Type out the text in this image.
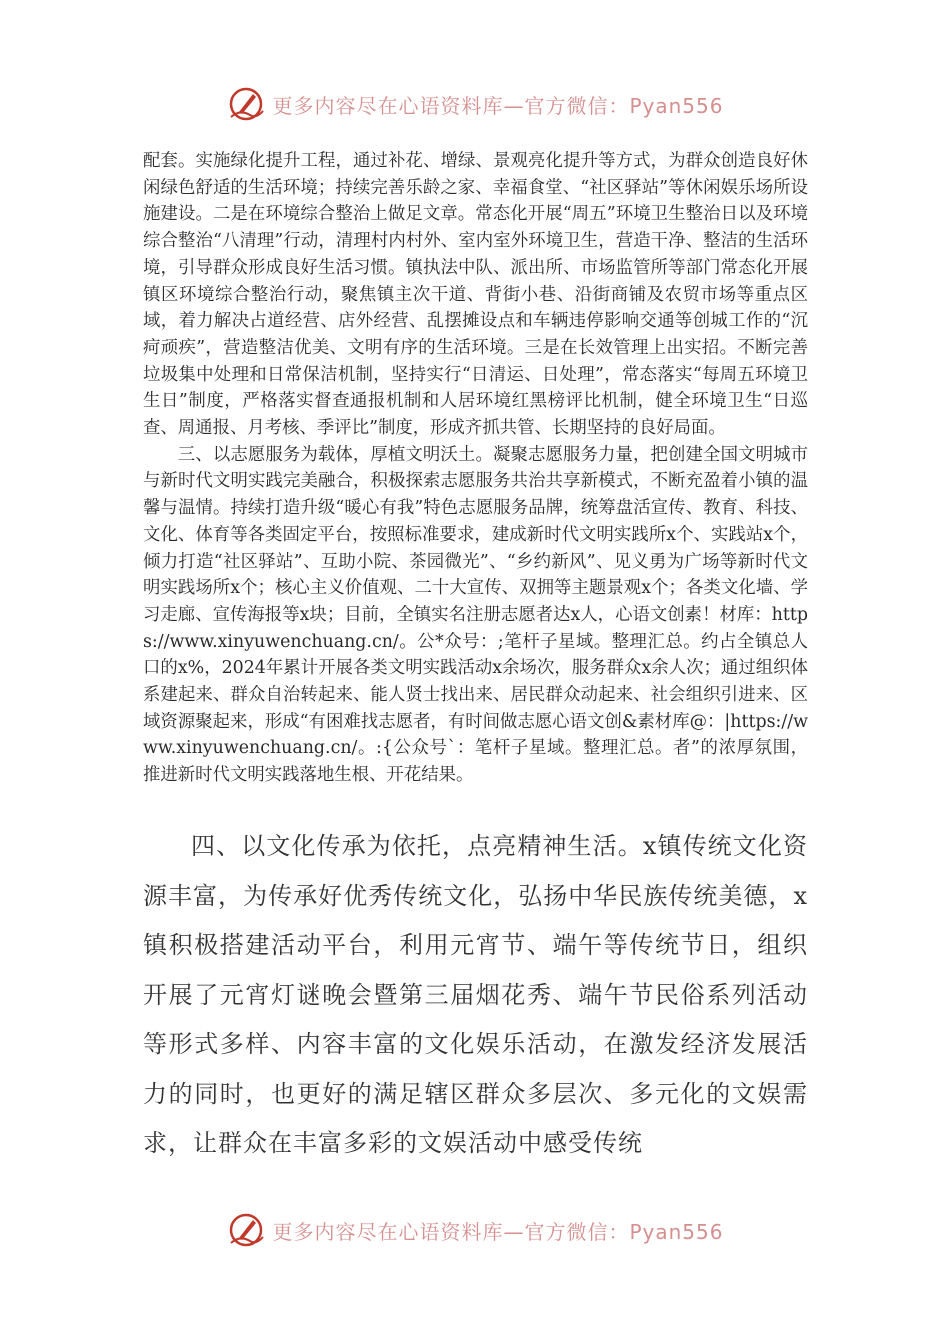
更多内容尽在心语资料库—官方微信：Pyan556

配套。实施绿化提升工程，通过补花、增绿、景观亮化提升等方式，为群众创造良好休闲绿色舒适的生活环境；持续完善乐龄之家、幸福食堂、“社区驿站”等休闲娱乐场所设施建设。二是在环境综合整治上做足文章。常态化开展“周五”环境卫生整治日以及环境综合整治“八清理”行动，清理村内村外、室内室外环境卫生，营造干净、整洁的生活环境，引导群众形成良好生活习惯。镇执法中队、派出所、市场监管所等部门常态化开展镇区环境综合整治行动，聚焦镇主次干道、背街小巷、沿街商铺及农贸市场等重点区域，着力解决占道经营、店外经营、乱摆摊设点和车辆违停影响交通等创城工作的“沉疴顽疾”，营造整洁优美、文明有序的生活环境。三是在长效管理上出实招。不断完善垃圾集中处理和日常保洁机制，坚持实行“日清运、日处理”，常态落实“每周五环境卫生日”制度，严格落实督查通报机制和人居环境红黑榜评比机制，健全环境卫生“日巡查、周通报、月考核、季评比”制度，形成齐抓共管、长期坚持的良好局面。

三、以志愿服务为载体，厚植文明沃土。凝聚志愿服务力量，把创建全国文明城市与新时代文明实践完美融合，积极探索志愿服务共治共享新模式，不断充盈着小镇的温馨与温情。持续打造升级“暖心有我”特色志愿服务品牌，统筹盘活宣传、教育、科技、文化、体育等各类固定平台，按照标准要求，建成新时代文明实践所x个、实践站x个，倾力打造“社区驿站”、互助小院、茶园微光”、“乡约新风”、见义勇为广场等新时代文明实践场所x个；核心主义价值观、二十大宣传、双拥等主题景观x个；各类文化墙、学习走廊、宣传海报等x块；目前，全镇实名注册志愿者达x人，心语文创素！材库：https://www.xinyuwenchuang.cn/。公*众号：;笔杆子星域。整理汇总。约占全镇总人口的x%，2024年累计开展各类文明实践活动x余场次，服务群众x余人次；通过组织体系建起来、群众自治转起来、能人贤士找出来、居民群众动起来、社会组织引进来、区域资源聚起来，形成“有困难找志愿者，有时间做志愿心语文创&素材库@：|https://www.xinyuwenchuang.cn/。:{公众号`：笔杆子星域。整理汇总。者”的浓厚氛围，推进新时代文明实践落地生根、开花结果。

四、以文化传承为依托，点亮精神生活。x镇传统文化资源丰富，为传承好优秀传统文化，弘扬中华民族传统美德，x镇积极搭建活动平台，利用元宵节、端午等传统节日，组织开展了元宵灯谜晚会暨第三届烟花秀、端午节民俗系列活动等形式多样、内容丰富的文化娱乐活动，在激发经济发展活力的同时，也更好的满足辖区群众多层次、多元化的文娱需求，让群众在丰富多彩的文娱活动中感受传统

更多内容尽在心语资料库—官方微信：Pyan556
